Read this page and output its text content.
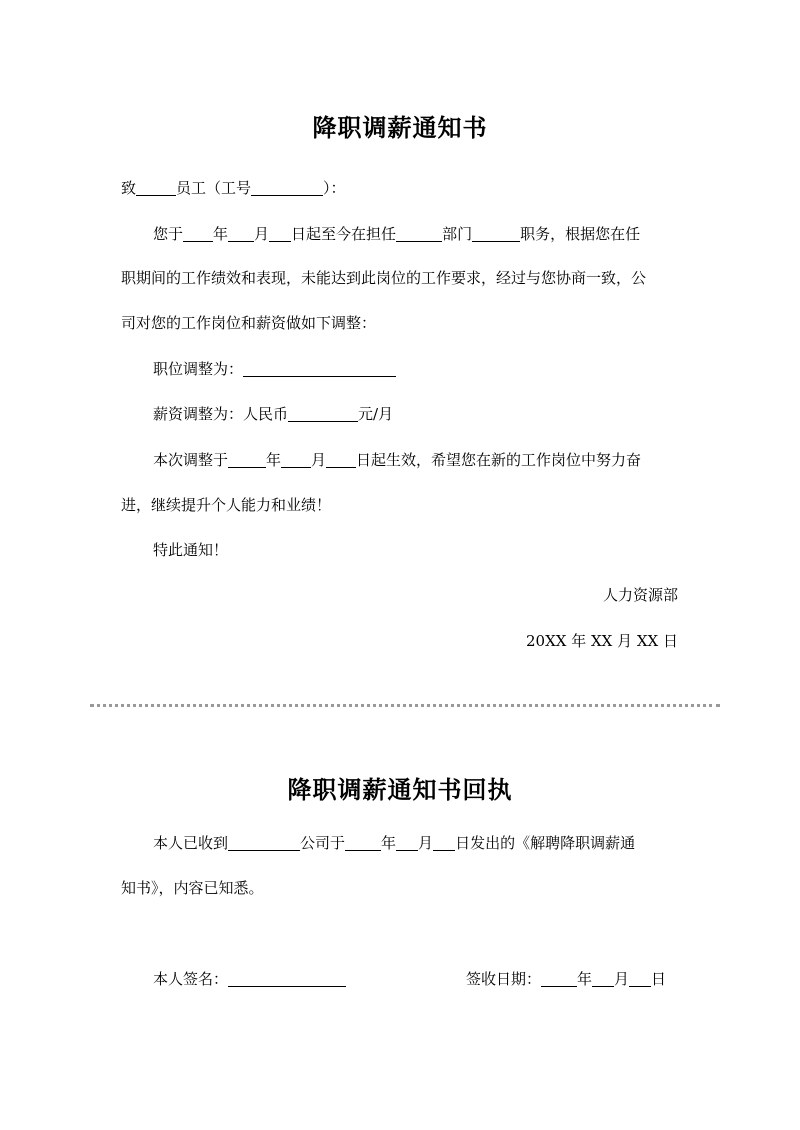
降职调薪通知书
致	员工（工号	）：
您于 年 月 日起至今在担任	部门	职务，根据您在任
职期间的工作绩效和表现，未能达到此岗位的工作要求，经过与您协商一致，公
司对您的工作岗位和薪资做如下调整：
职位调整为：
薪资调整为：人民币	元/月
本次调整于	年 月 日起生效，希望您在新的工作岗位中努力奋
进，继续提升个人能力和业绩！
特此通知！
人力资源部
20XX 年 XX 月 XX 日
降职调薪通知书回执
本人已收到	公司于 年 月 日发出的《解聘降职调薪通
知书》，内容已知悉。
本人签名：	签收日期： 年 月 日
